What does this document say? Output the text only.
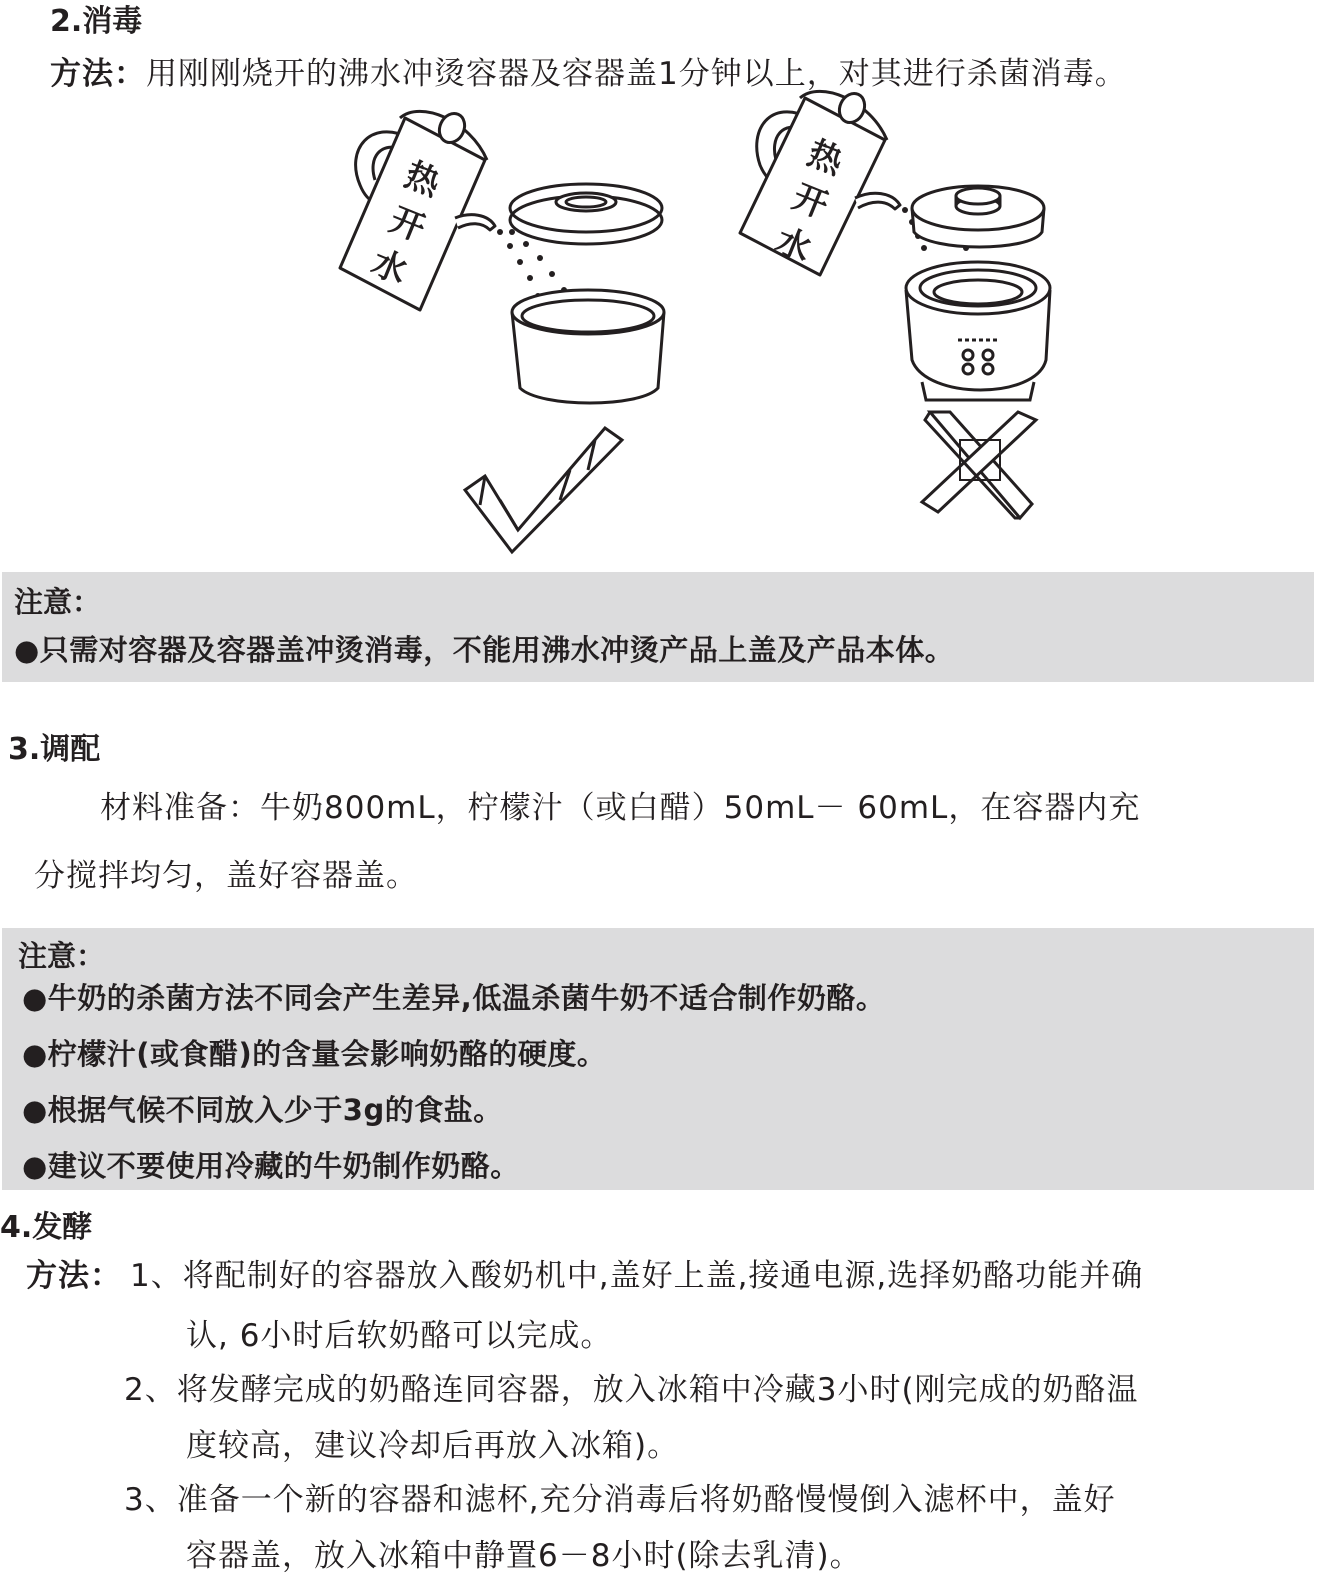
2.消毒
方法：用刚刚烧开的沸水冲烫容器及容器盖1分钟以上，对其进行杀菌消毒。
热
开
水
热
开
水
注意：
●只需对容器及容器盖冲烫消毒，不能用沸水冲烫产品上盖及产品本体。
3.调配
材料准备：牛奶800mL，柠檬汁（或白醋）50mL－ 60mL，在容器内充
分搅拌均匀，盖好容器盖。
注意：
●牛奶的杀菌方法不同会产生差异,低温杀菌牛奶不适合制作奶酪。
●柠檬汁(或食醋)的含量会影响奶酪的硬度。
●根据气候不同放入少于3g的食盐。
●建议不要使用冷藏的牛奶制作奶酪。
4.发酵
方法： 1、将配制好的容器放入酸奶机中,盖好上盖,接通电源,选择奶酪功能并确
认, 6小时后软奶酪可以完成。
2、将发酵完成的奶酪连同容器，放入冰箱中冷藏3小时(刚完成的奶酪温
度较高，建议冷却后再放入冰箱)。
3、准备一个新的容器和滤杯,充分消毒后将奶酪慢慢倒入滤杯中，盖好
容器盖，放入冰箱中静置6－8小时(除去乳清)。
